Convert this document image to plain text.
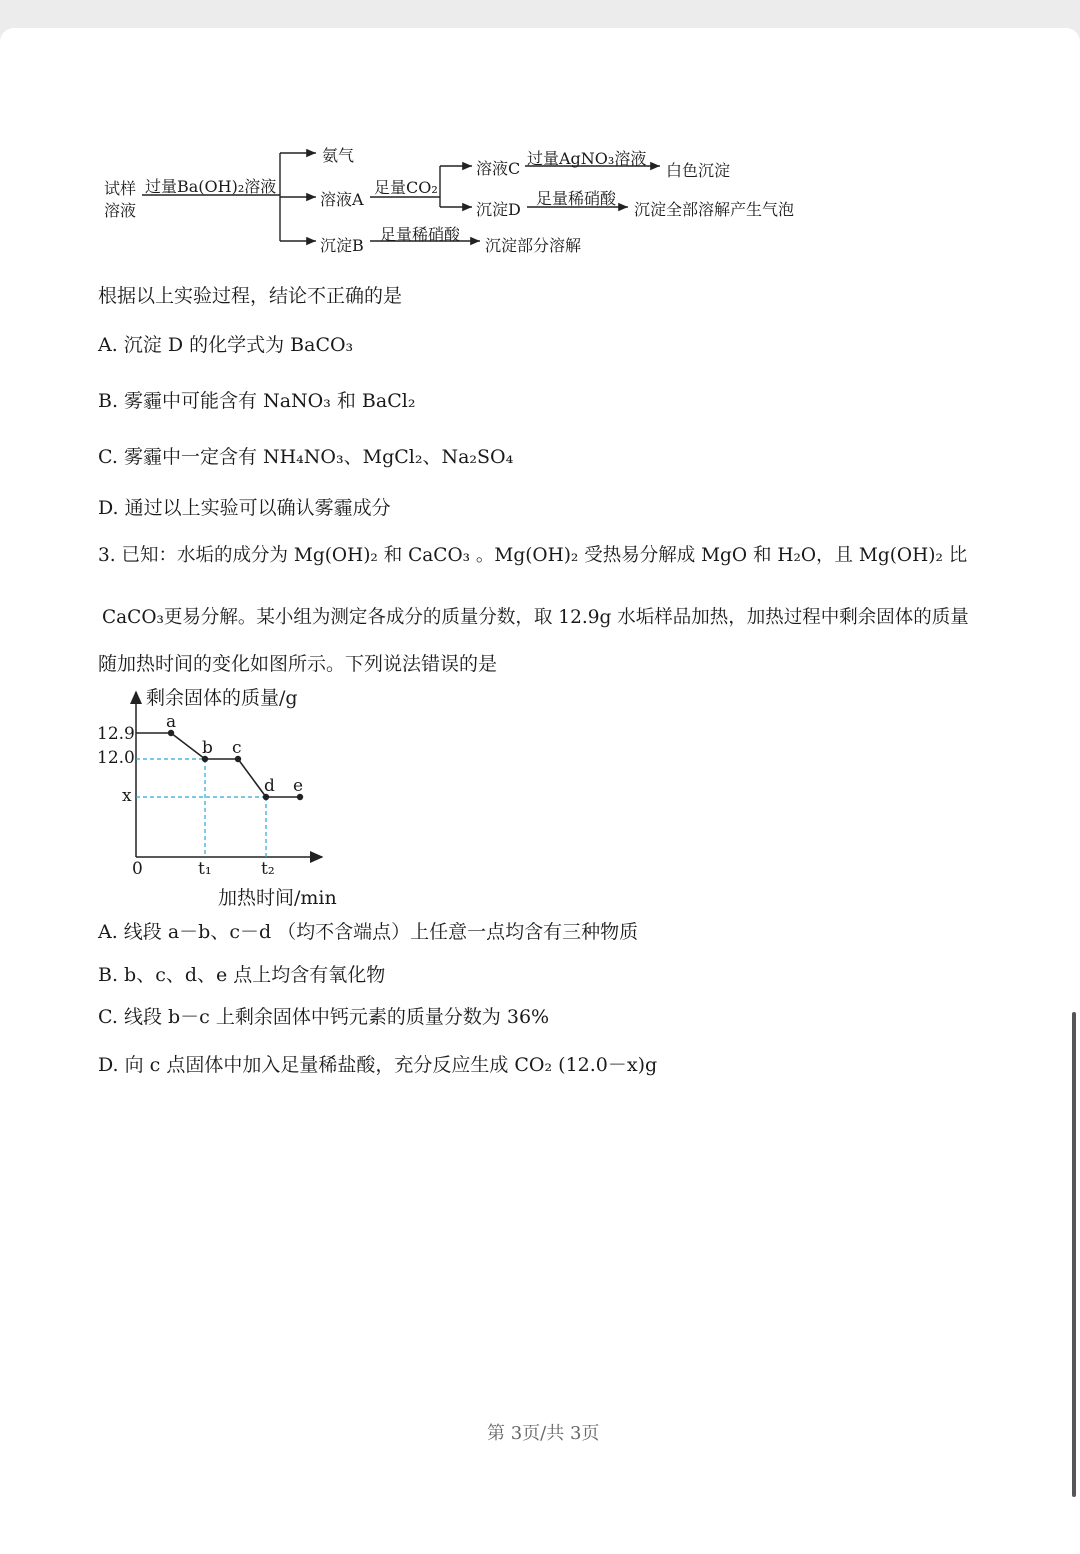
试样
溶液
过量Ba(OH)₂溶液
氨气
溶液A
足量CO₂
溶液C
过量AgNO₃溶液
白色沉淀
沉淀D
足量稀硝酸
沉淀全部溶解产生气泡
沉淀B
足量稀硝酸
沉淀部分溶解
根据以上实验过程，结论不正确的是
A. 沉淀 D 的化学式为 BaCO₃
B. 雾霾中可能含有 NaNO₃ 和 BaCl₂
C. 雾霾中一定含有 NH₄NO₃、MgCl₂、Na₂SO₄
D. 通过以上实验可以确认雾霾成分
3. 已知：水垢的成分为 Mg(OH)₂ 和 CaCO₃ 。Mg(OH)₂ 受热易分解成 MgO 和 H₂O，且 Mg(OH)₂ 比
CaCO₃更易分解。某小组为测定各成分的质量分数，取 12.9g 水垢样品加热，加热过程中剩余固体的质量
随加热时间的变化如图所示。下列说法错误的是
剩余固体的质量/g
0
12.9
12.0
x
t₁	t₂
加热时间/min
a
b c
d e
A. 线段 a－b、c－d （均不含端点）上任意一点均含有三种物质
B. b、c、d、e 点上均含有氧化物
C. 线段 b－c 上剩余固体中钙元素的质量分数为 36%
D. 向 c 点固体中加入足量稀盐酸，充分反应生成 CO₂ (12.0－x)g
第 3页/共 3页
